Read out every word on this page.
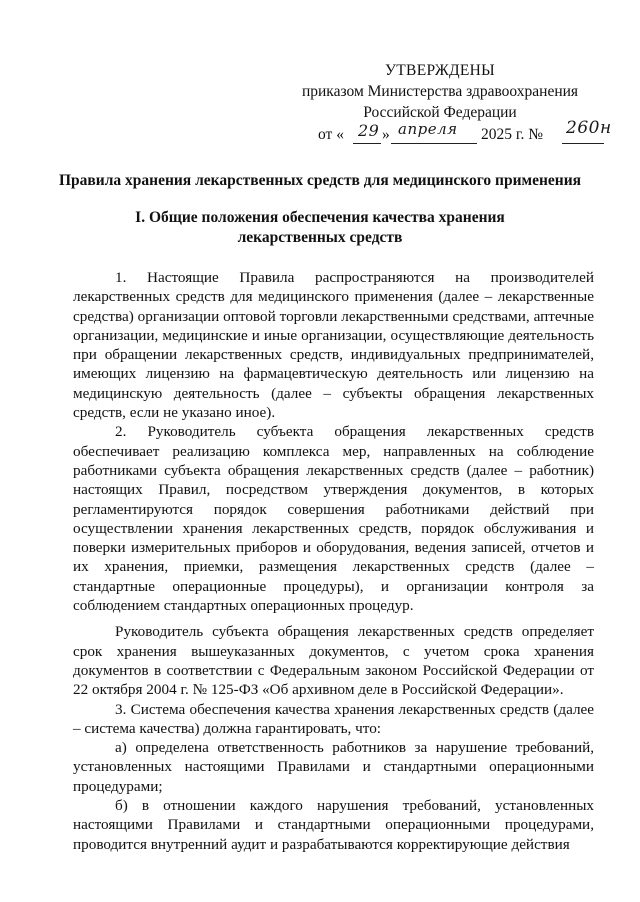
УТВЕРЖДЕНЫ
приказом Министерства здравоохранения
Российской Федерации
от « 29 » апреля 2025 г. № 260н
Правила хранения лекарственных средств для медицинского применения
I. Общие положения обеспечения качества хранения
лекарственных средств

1. Настоящие Правила распространяются на производителей лекарственных средств для медицинского применения (далее – лекарственные средства) организации оптовой торговли лекарственными средствами, аптечные организации, медицинские и иные организации, осуществляющие деятельность при обращении лекарственных средств, индивидуальных предпринимателей, имеющих лицензию на фармацевтическую деятельность или лицензию на медицинскую деятельность (далее – субъекты обращения лекарственных средств, если не указано иное).

2. Руководитель субъекта обращения лекарственных средств обеспечивает реализацию комплекса мер, направленных на соблюдение работниками субъекта обращения лекарственных средств (далее – работник) настоящих Правил, посредством утверждения документов, в которых регламентируются порядок совершения работниками действий при осуществлении хранения лекарственных средств, порядок обслуживания и поверки измерительных приборов и оборудования, ведения записей, отчетов и их хранения, приемки, размещения лекарственных средств (далее – стандартные операционные процедуры), и организации контроля за соблюдением стандартных операционных процедур.

Руководитель субъекта обращения лекарственных средств определяет срок хранения вышеуказанных документов, с учетом срока хранения документов в соответствии с Федеральным законом Российской Федерации от 22 октября 2004 г. № 125-ФЗ «Об архивном деле в Российской Федерации».

3. Система обеспечения качества хранения лекарственных средств (далее – система качества) должна гарантировать, что:

а) определена ответственность работников за нарушение требований, установленных настоящими Правилами и стандартными операционными процедурами;

б) в отношении каждого нарушения требований, установленных настоящими Правилами и стандартными операционными процедурами, проводится внутренний аудит и разрабатываются корректирующие действия
